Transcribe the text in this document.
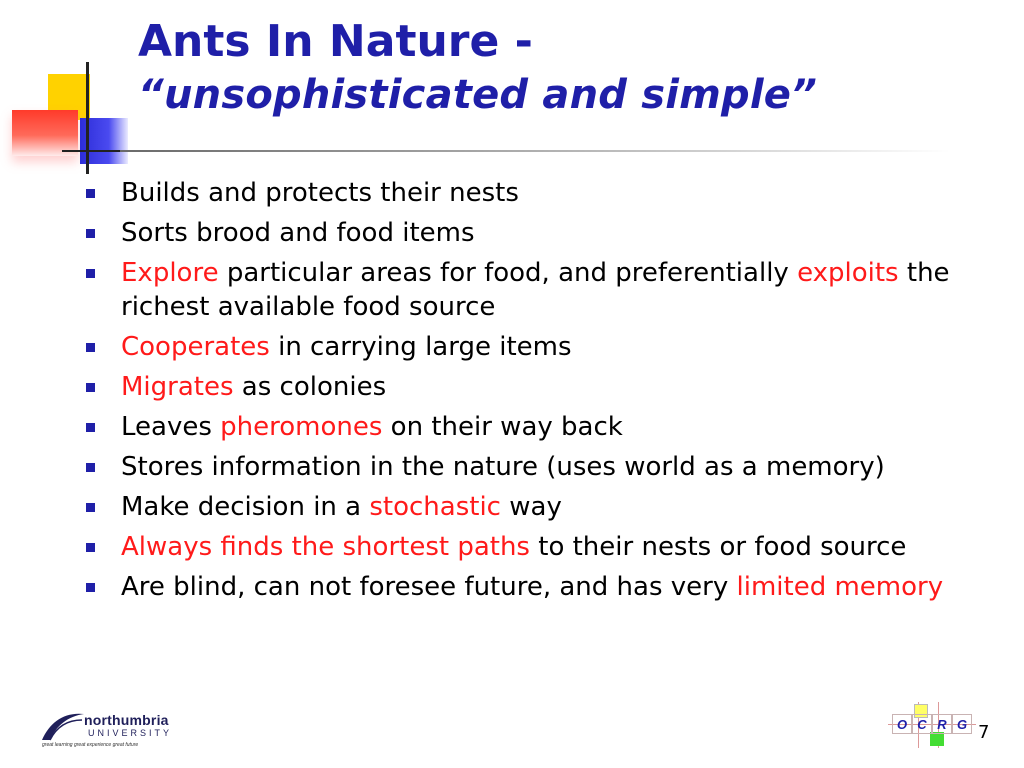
Ants In Nature -
“unsophisticated and simple”
Builds and protects their nests
Sorts brood and food items
Explore particular areas for food, and preferentially exploits the richest available food source
Cooperates in carrying large items
Migrates as colonies
Leaves pheromones on their way back
Stores information in the nature (uses world as a memory)
Make decision in a stochastic way
Always finds the shortest paths to their nests or food source
Are blind, can not foresee future, and has very limited memory
northumbria
UNIVERSITY
great learning great experience great future
O C R G 7
